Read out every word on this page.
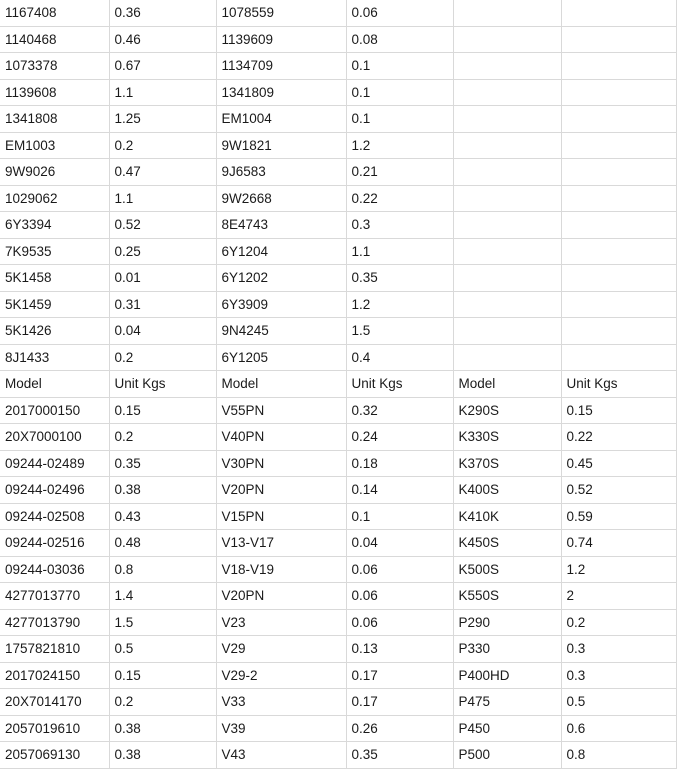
1167408	0.36	1078559	0.06		
1140468	0.46	1139609	0.08		
1073378	0.67	1134709	0.1		
1139608	1.1	1341809	0.1		
1341808	1.25	EM1004	0.1		
EM1003	0.2	9W1821	1.2		
9W9026	0.47	9J6583	0.21		
1029062	1.1	9W2668	0.22		
6Y3394	0.52	8E4743	0.3		
7K9535	0.25	6Y1204	1.1		
5K1458	0.01	6Y1202	0.35		
5K1459	0.31	6Y3909	1.2		
5K1426	0.04	9N4245	1.5		
8J1433	0.2	6Y1205	0.4		
Model	Unit Kgs	Model	Unit Kgs	Model	Unit Kgs
2017000150	0.15	V55PN	0.32	K290S	0.15
20X7000100	0.2	V40PN	0.24	K330S	0.22
09244-02489	0.35	V30PN	0.18	K370S	0.45
09244-02496	0.38	V20PN	0.14	K400S	0.52
09244-02508	0.43	V15PN	0.1	K410K	0.59
09244-02516	0.48	V13-V17	0.04	K450S	0.74
09244-03036	0.8	V18-V19	0.06	K500S	1.2
4277013770	1.4	V20PN	0.06	K550S	2
4277013790	1.5	V23	0.06	P290	0.2
1757821810	0.5	V29	0.13	P330	0.3
2017024150	0.15	V29-2	0.17	P400HD	0.3
20X7014170	0.2	V33	0.17	P475	0.5
2057019610	0.38	V39	0.26	P450	0.6
2057069130	0.38	V43	0.35	P500	0.8
